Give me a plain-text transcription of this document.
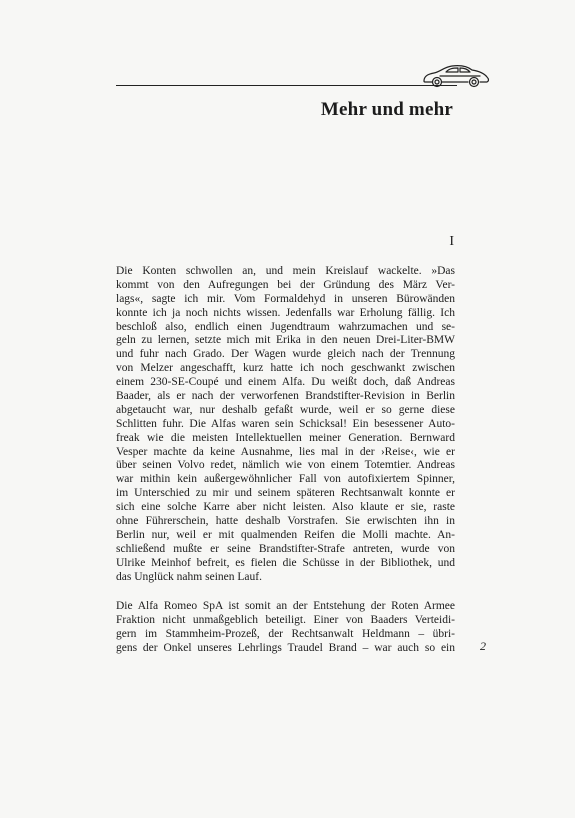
Mehr und mehr
I

Die Konten schwollen an, und mein Kreislauf wackelte. »Das
kommt von den Aufregungen bei der Gründung des März Ver-
lags«, sagte ich mir. Vom Formaldehyd in unseren Bürowänden
konnte ich ja noch nichts wissen. Jedenfalls war Erholung fällig. Ich
beschloß also, endlich einen Jugendtraum wahrzumachen und se-
geln zu lernen, setzte mich mit Erika in den neuen Drei-Liter-BMW
und fuhr nach Grado. Der Wagen wurde gleich nach der Trennung
von Melzer angeschafft, kurz hatte ich noch geschwankt zwischen
einem 230-SE-Coupé und einem Alfa. Du weißt doch, daß Andreas
Baader, als er nach der verworfenen Brandstifter-Revision in Berlin
abgetaucht war, nur deshalb gefaßt wurde, weil er so gerne diese
Schlitten fuhr. Die Alfas waren sein Schicksal! Ein besessener Auto-
freak wie die meisten Intellektuellen meiner Generation. Bernward
Vesper machte da keine Ausnahme, lies mal in der ›Reise‹, wie er
über seinen Volvo redet, nämlich wie von einem Totemtier. Andreas
war mithin kein außergewöhnlicher Fall von autofixiertem Spinner,
im Unterschied zu mir und seinem späteren Rechtsanwalt konnte er
sich eine solche Karre aber nicht leisten. Also klaute er sie, raste
ohne Führerschein, hatte deshalb Vorstrafen. Sie erwischten ihn in
Berlin nur, weil er mit qualmenden Reifen die Molli machte. An-
schließend mußte er seine Brandstifter-Strafe antreten, wurde von
Ulrike Meinhof befreit, es fielen die Schüsse in der Bibliothek, und
das Unglück nahm seinen Lauf.

Die Alfa Romeo SpA ist somit an der Entstehung der Roten Armee
Fraktion nicht unmaßgeblich beteiligt. Einer von Baaders Verteidi-
gern im Stammheim-Prozeß, der Rechtsanwalt Heldmann – übri-
gens der Onkel unseres Lehrlings Traudel Brand – war auch so ein 2
